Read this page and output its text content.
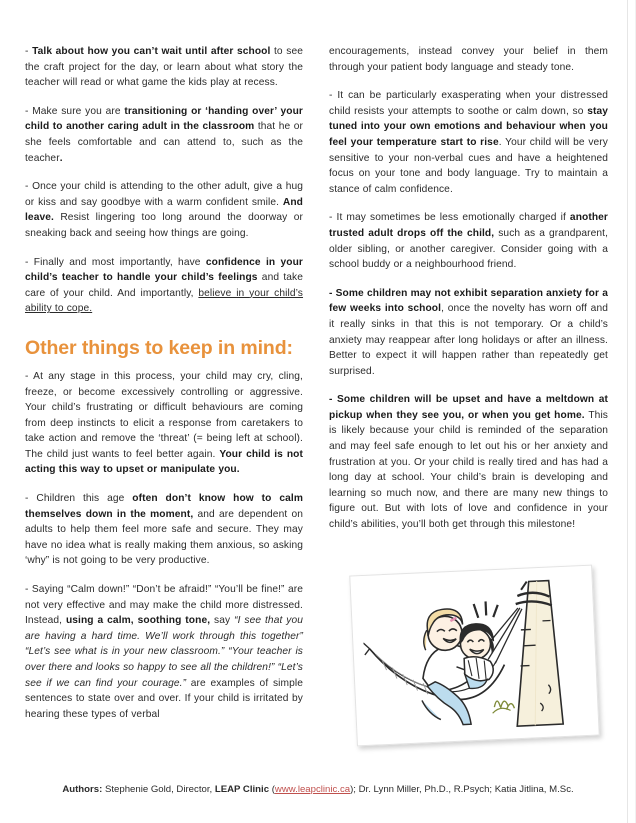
- Talk about how you can’t wait until after school to see the craft project for the day, or learn about what story the teacher will read or what game the kids play at recess.

- Make sure you are transitioning or ‘handing over’ your child to another caring adult in the classroom that he or she feels comfortable and can attend to, such as the teacher.

- Once your child is attending to the other adult, give a hug or kiss and say goodbye with a warm confident smile. And leave. Resist lingering too long around the doorway or sneaking back and seeing how things are going.

- Finally and most importantly, have confidence in your child’s teacher to handle your child’s feelings and take care of your child. And importantly, believe in your child’s ability to cope.

Other things to keep in mind:

- At any stage in this process, your child may cry, cling, freeze, or become excessively controlling or aggressive. Your child’s frustrating or difficult behaviours are coming from deep instincts to elicit a response from caretakers to take action and remove the ‘threat’ (= being left at school). The child just wants to feel better again. Your child is not acting this way to upset or manipulate you.

- Children this age often don’t know how to calm themselves down in the moment, and are dependent on adults to help them feel more safe and secure. They may have no idea what is really making them anxious, so asking ‘why” is not going to be very productive.

- Saying “Calm down!” “Don’t be afraid!” “You’ll be fine!” are not very effective and may make the child more distressed. Instead, using a calm, soothing tone, say “I see that you are having a hard time. We’ll work through this together” “Let’s see what is in your new classroom.” “Your teacher is over there and looks so happy to see all the children!” “Let’s see if we can find your courage.” are examples of simple sentences to state over and over. If your child is irritated by hearing these types of verbal

encouragements, instead convey your belief in them through your patient body language and steady tone.

- It can be particularly exasperating when your distressed child resists your attempts to soothe or calm down, so stay tuned into your own emotions and behaviour when you feel your temperature start to rise. Your child will be very sensitive to your non-verbal cues and have a heightened focus on your tone and body language. Try to maintain a stance of calm confidence.

- It may sometimes be less emotionally charged if another trusted adult drops off the child, such as a grandparent, older sibling, or another caregiver. Consider going with a school buddy or a neighbourhood friend.

- Some children may not exhibit separation anxiety for a few weeks into school, once the novelty has worn off and it really sinks in that this is not temporary. Or a child’s anxiety may reappear after long holidays or after an illness. Better to expect it will happen rather than repeatedly get surprised.

- Some children will be upset and have a meltdown at pickup when they see you, or when you get home. This is likely because your child is reminded of the separation and may feel safe enough to let out his or her anxiety and frustration at you. Or your child is really tired and has had a long day at school. Your child’s brain is developing and learning so much now, and there are many new things to figure out. But with lots of love and confidence in your child’s abilities, you’ll both get through this milestone!

Authors: Stephenie Gold, Director, LEAP Clinic (www.leapclinic.ca); Dr. Lynn Miller, Ph.D., R.Psych; Katia Jitlina, M.Sc.
